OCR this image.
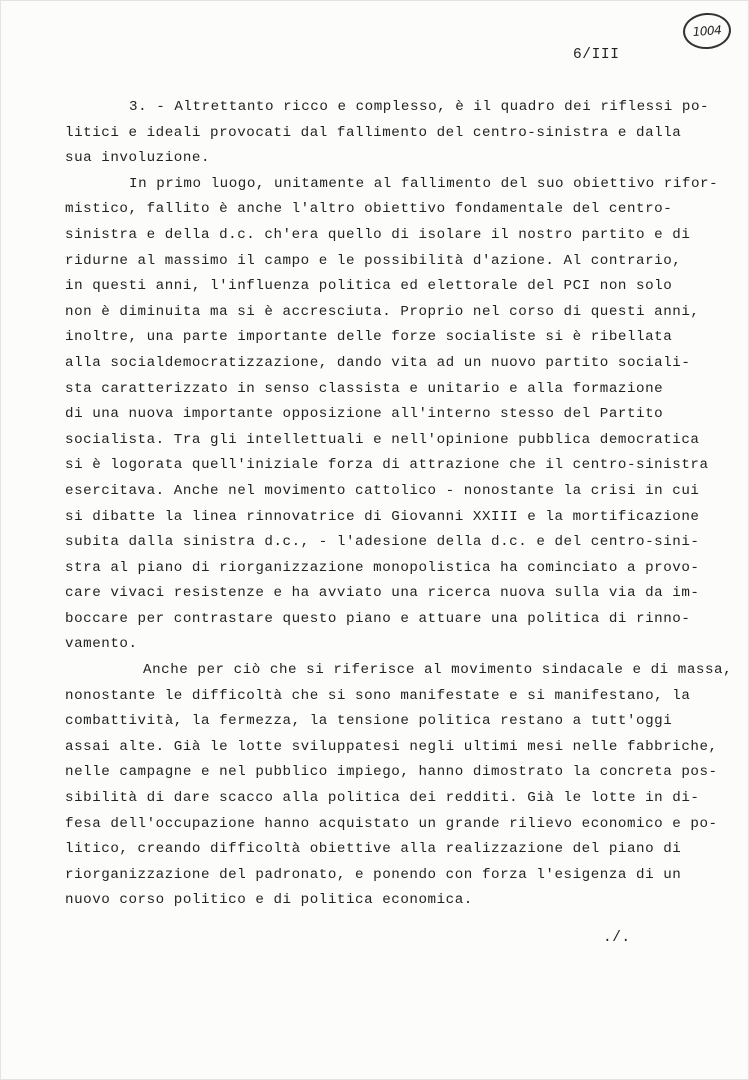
1004
6/III
3. - Altrettanto ricco e complesso, è il quadro dei riflessi po-
litici e ideali provocati dal fallimento del centro-sinistra e dalla
sua involuzione.
In primo luogo, unitamente al fallimento del suo obiettivo rifor-
mistico, fallito è anche l'altro obiettivo fondamentale del centro-
sinistra e della d.c. ch'era quello di isolare il nostro partito e di
ridurne al massimo il campo e le possibilità d'azione. Al contrario,
in questi anni, l'influenza politica ed elettorale del PCI non solo
non è diminuita ma si è accresciuta. Proprio nel corso di questi anni,
inoltre, una parte importante delle forze socialiste si è ribellata
alla socialdemocratizzazione, dando vita ad un nuovo partito sociali-
sta caratterizzato in senso classista e unitario e alla formazione
di una nuova importante opposizione all'interno stesso del Partito
socialista. Tra gli intellettuali e nell'opinione pubblica democratica
si è logorata quell'iniziale forza di attrazione che il centro-sinistra
esercitava. Anche nel movimento cattolico - nonostante la crisi in cui
si dibatte la linea rinnovatrice di Giovanni XXIII e la mortificazione
subita dalla sinistra d.c., - l'adesione della d.c. e del centro-sini-
stra al piano di riorganizzazione monopolistica ha cominciato a provo-
care vivaci resistenze e ha avviato una ricerca nuova sulla via da im-
boccare per contrastare questo piano e attuare una politica di rinno-
vamento.
Anche per ciò che si riferisce al movimento sindacale e di massa,
nonostante le difficoltà che si sono manifestate e si manifestano, la
combattività, la fermezza, la tensione politica restano a tutt'oggi
assai alte. Già le lotte sviluppatesi negli ultimi mesi nelle fabbriche,
nelle campagne e nel pubblico impiego, hanno dimostrato la concreta pos-
sibilità di dare scacco alla politica dei redditi. Già le lotte in di-
fesa dell'occupazione hanno acquistato un grande rilievo economico e po-
litico, creando difficoltà obiettive alla realizzazione del piano di
riorganizzazione del padronato, e ponendo con forza l'esigenza di un
nuovo corso politico e di politica economica.
./.
